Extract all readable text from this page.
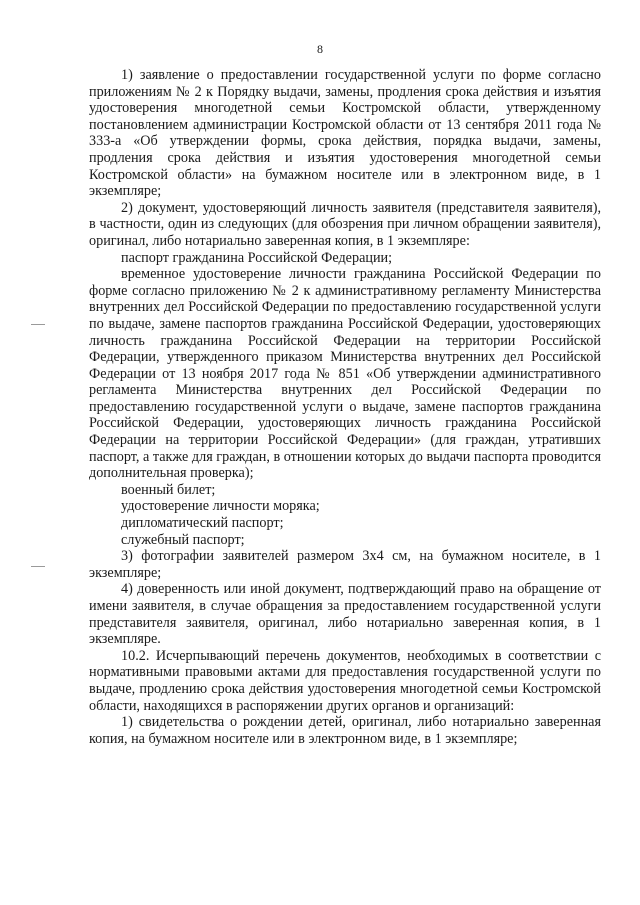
8

1) заявление о предоставлении государственной услуги по форме согласно приложениям № 2 к Порядку выдачи, замены, продления срока действия и изъятия удостоверения многодетной семьи Костромской области, утвержденному постановлением администрации Костромской области от 13 сентября 2011 года № 333-а «Об утверждении формы, срока действия, порядка выдачи, замены, продления срока действия и изъятия удостоверения многодетной семьи Костромской области» на бумажном носителе или в электронном виде, в 1 экземпляре;

2) документ, удостоверяющий личность заявителя (представителя заявителя), в частности, один из следующих (для обозрения при личном обращении заявителя), оригинал, либо нотариально заверенная копия, в 1 экземпляре:

паспорт гражданина Российской Федерации;

временное удостоверение личности гражданина Российской Федерации по форме согласно приложению № 2 к административному регламенту Министерства внутренних дел Российской Федерации по предоставлению государственной услуги по выдаче, замене паспортов гражданина Российской Федерации, удостоверяющих личность гражданина Российской Федерации на территории Российской Федерации, утвержденного приказом Министерства внутренних дел Российской Федерации от 13 ноября 2017 года № 851 «Об утверждении административного регламента Министерства внутренних дел Российской Федерации по предоставлению государственной услуги о выдаче, замене паспортов гражданина Российской Федерации, удостоверяющих личность гражданина Российской Федерации на территории Российской Федерации» (для граждан, утративших паспорт, а также для граждан, в отношении которых до выдачи паспорта проводится дополнительная проверка);

военный билет;

удостоверение личности моряка;

дипломатический паспорт;

служебный паспорт;

3) фотографии заявителей размером 3х4 см, на бумажном носителе, в 1 экземпляре;

4) доверенность или иной документ, подтверждающий право на обращение от имени заявителя, в случае обращения за предоставлением государственной услуги представителя заявителя, оригинал, либо нотариально заверенная копия, в 1 экземпляре.

10.2. Исчерпывающий перечень документов, необходимых в соответствии с нормативными правовыми актами для предоставления государственной услуги по выдаче, продлению срока действия удостоверения многодетной семьи Костромской области, находящихся в распоряжении других органов и организаций:

1) свидетельства о рождении детей, оригинал, либо нотариально заверенная копия, на бумажном носителе или в электронном виде, в 1 экземпляре;
